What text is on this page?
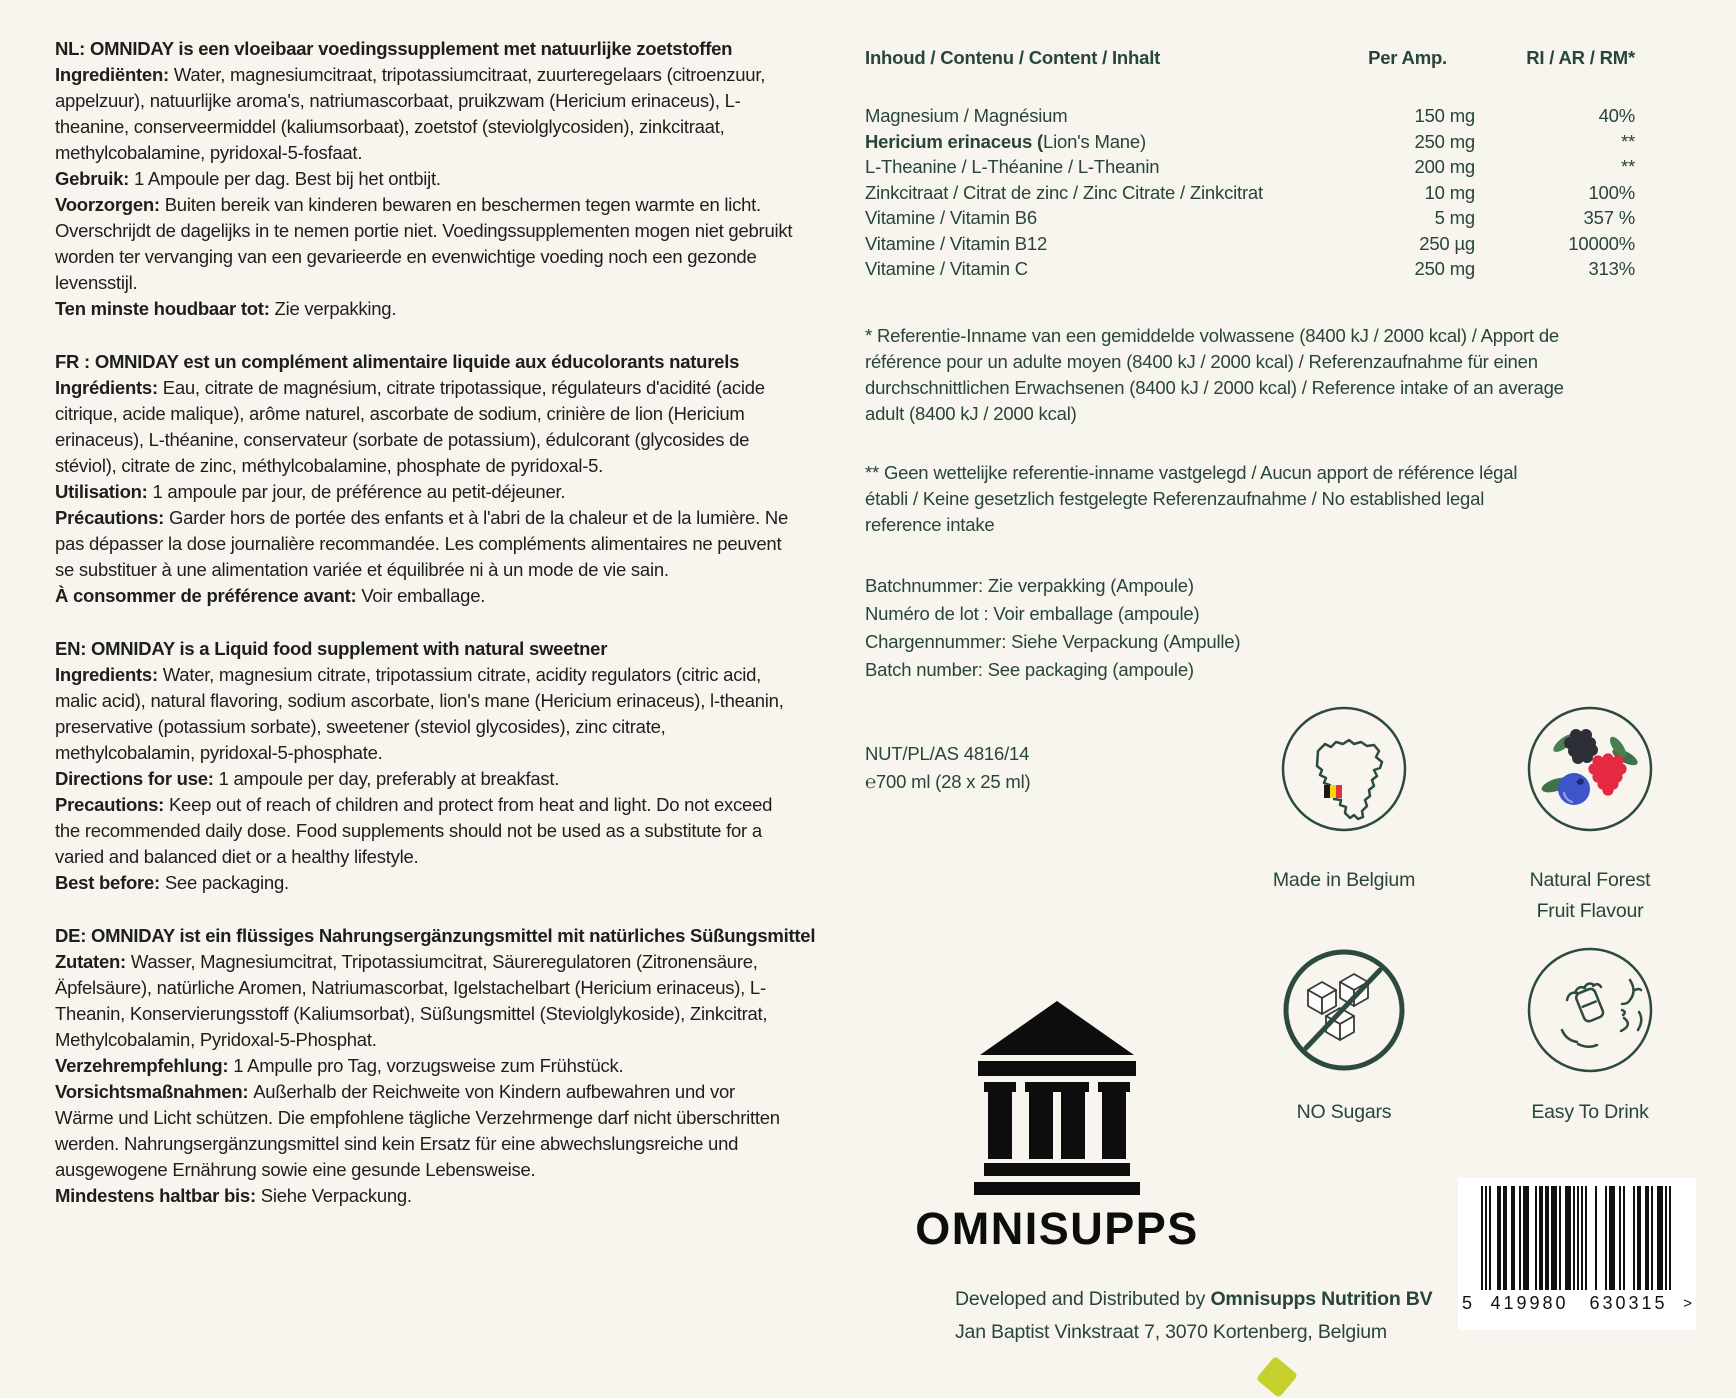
NL: OMNIDAY is een vloeibaar voedingssupplement met natuurlijke zoetstoffen

Ingrediënten: Water, magnesiumcitraat, tripotassiumcitraat, zuurteregelaars (citroenzuur, appelzuur), natuurlijke aroma's, natriumascorbaat, pruikzwam (Hericium erinaceus), L-theanine, conserveermiddel (kaliumsorbaat), zoetstof (steviolglycosiden), zinkcitraat, methylcobalamine, pyridoxal-5-fosfaat.

Gebruik: 1 Ampoule per dag. Best bij het ontbijt.

Voorzorgen: Buiten bereik van kinderen bewaren en beschermen tegen warmte en licht. Overschrijdt de dagelijks in te nemen portie niet. Voedingssupplementen mogen niet gebruikt worden ter vervanging van een gevarieerde en evenwichtige voeding noch een gezonde levensstijl.

Ten minste houdbaar tot: Zie verpakking.

FR : OMNIDAY est un complément alimentaire liquide aux éducolorants naturels

Ingrédients: Eau, citrate de magnésium, citrate tripotassique, régulateurs d'acidité (acide citrique, acide malique), arôme naturel, ascorbate de sodium, crinière de lion (Hericium erinaceus), L-théanine, conservateur (sorbate de potassium), édulcorant (glycosides de stéviol), citrate de zinc, méthylcobalamine, phosphate de pyridoxal-5.

Utilisation: 1 ampoule par jour, de préférence au petit-déjeuner.

Précautions: Garder hors de portée des enfants et à l'abri de la chaleur et de la lumière. Ne pas dépasser la dose journalière recommandée. Les compléments alimentaires ne peuvent se substituer à une alimentation variée et équilibrée ni à un mode de vie sain.

À consommer de préférence avant: Voir emballage.

EN: OMNIDAY is a Liquid food supplement with natural sweetner

Ingredients: Water, magnesium citrate, tripotassium citrate, acidity regulators (citric acid, malic acid), natural flavoring, sodium ascorbate, lion's mane (Hericium erinaceus), l-theanin, preservative (potassium sorbate), sweetener (steviol glycosides), zinc citrate, methylcobalamin, pyridoxal-5-phosphate.

Directions for use: 1 ampoule per day, preferably at breakfast.

Precautions: Keep out of reach of children and protect from heat and light. Do not exceed the recommended daily dose. Food supplements should not be used as a substitute for a varied and balanced diet or a healthy lifestyle.

Best before: See packaging.

DE: OMNIDAY ist ein flüssiges Nahrungsergänzungsmittel mit natürliches Süßungsmittel

Zutaten: Wasser, Magnesiumcitrat, Tripotassiumcitrat, Säureregulatoren (Zitronensäure, Äpfelsäure), natürliche Aromen, Natriumascorbat, Igelstachelbart (Hericium erinaceus), L-Theanin, Konservierungsstoff (Kaliumsorbat), Süßungsmittel (Steviolglykoside), Zinkcitrat, Methylcobalamin, Pyridoxal-5-Phosphat.

Verzehrempfehlung: 1 Ampulle pro Tag, vorzugsweise zum Frühstück.

Vorsichtsmaßnahmen: Außerhalb der Reichweite von Kindern aufbewahren und vor Wärme und Licht schützen. Die empfohlene tägliche Verzehrmenge darf nicht überschritten werden. Nahrungsergänzungsmittel sind kein Ersatz für eine abwechslungsreiche und ausgewogene Ernährung sowie eine gesunde Lebensweise.

Mindestens haltbar bis: Siehe Verpackung.

Inhoud / Contenu / Content / Inhalt	Per Amp.	RI / AR / RM*
Magnesium / Magnésium	150 mg	40%
Hericium erinaceus (Lion's Mane)	250 mg	**
L-Theanine / L-Théanine / L-Theanin	200 mg	**
Zinkcitraat / Citrat de zinc / Zinc Citrate / Zinkcitrat	10 mg	100%
Vitamine / Vitamin B6	5 mg	357 %
Vitamine / Vitamin B12	250 µg	10000%
Vitamine / Vitamin C	250 mg	313%
* Referentie-Inname van een gemiddelde volwassene (8400 kJ / 2000 kcal) / Apport de référence pour un adulte moyen (8400 kJ / 2000 kcal) / Referenzaufnahme für einen durchschnittlichen Erwachsenen (8400 kJ / 2000 kcal) / Reference intake of an average adult (8400 kJ / 2000 kcal)
** Geen wettelijke referentie-inname vastgelegd / Aucun apport de référence légal établi / Keine gesetzlich festgelegte Referenzaufnahme / No established legal reference intake
Batchnummer: Zie verpakking (Ampoule)
Numéro de lot : Voir emballage (ampoule)
Chargennummer: Siehe Verpackung (Ampulle)
Batch number: See packaging (ampoule)
NUT/PL/AS 4816/14
℮700 ml (28 x 25 ml)
Made in Belgium	Natural Forest
Fruit Flavour
NO Sugars	Easy To Drink
OMNISUPPS
Developed and Distributed by Omnisupps Nutrition BV
Jan Baptist Vinkstraat 7, 3070 Kortenberg, Belgium
5 419980	630315	>
